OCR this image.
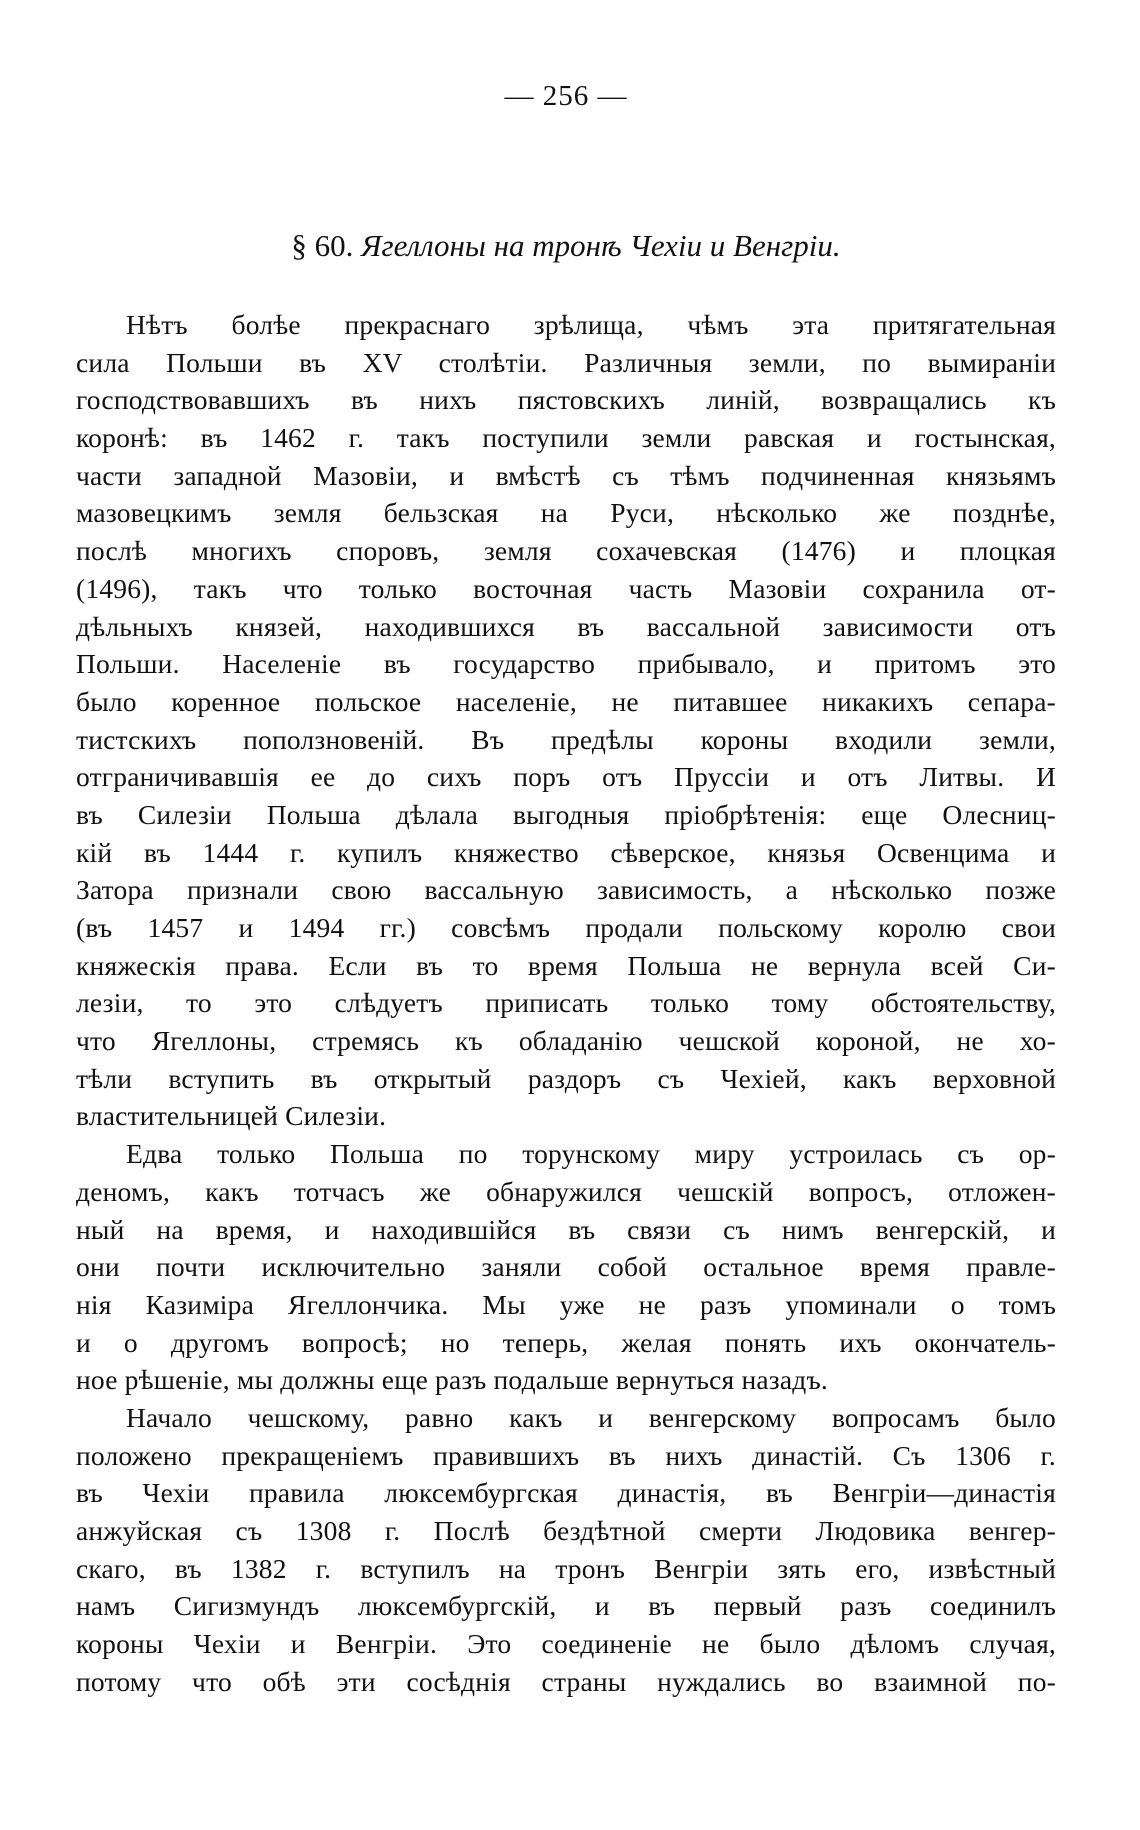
— 256 —
§ 60. Ягеллоны на тронѣ Чехіи и Венгріи.
Нѣтъ болѣе прекраснаго зрѣлища, чѣмъ эта притягательная
сила Польши въ XV столѣтіи. Различныя земли, по вымираніи
господствовавшихъ въ нихъ пястовскихъ линій, возвращались къ
коронѣ: въ 1462 г. такъ поступили земли равская и гостынская,
части западной Мазовіи, и вмѣстѣ съ тѣмъ подчиненная князьямъ
мазовецкимъ земля бельзская на Руси, нѣсколько же позднѣе,
послѣ многихъ споровъ, земля сохачевская (1476) и плоцкая
(1496), такъ что только восточная часть Мазовіи сохранила от-
дѣльныхъ князей, находившихся въ вассальной зависимости отъ
Польши. Населеніе въ государство прибывало, и притомъ это
было коренное польское населеніе, не питавшее никакихъ сепара-
тистскихъ поползновеній. Въ предѣлы короны входили земли,
отграничивавшія ее до сихъ поръ отъ Пруссіи и отъ Литвы. И
въ Силезіи Польша дѣлала выгодныя пріобрѣтенія: еще Олесниц-
кій въ 1444 г. купилъ княжество сѣверское, князья Освенцима и
Затора признали свою вассальную зависимость, а нѣсколько позже
(въ 1457 и 1494 гг.) совсѣмъ продали польскому королю свои
княжескія права. Если въ то время Польша не вернула всей Си-
лезіи, то это слѣдуетъ приписать только тому обстоятельству,
что Ягеллоны, стремясь къ обладанію чешской короной, не хо-
тѣли вступить въ открытый раздоръ съ Чехіей, какъ верховной
властительницей Силезіи.
Едва только Польша по торунскому миру устроилась съ ор-
деномъ, какъ тотчасъ же обнаружился чешскій вопросъ, отложен-
ный на время, и находившійся въ связи съ нимъ венгерскій, и
они почти исключительно заняли собой остальное время правле-
нія Казиміра Ягеллончика. Мы уже не разъ упоминали о томъ
и о другомъ вопросѣ; но теперь, желая понять ихъ окончатель-
ное рѣшеніе, мы должны еще разъ подальше вернуться назадъ.
Начало чешскому, равно какъ и венгерскому вопросамъ было
положено прекращеніемъ правившихъ въ нихъ династій. Съ 1306 г.
въ Чехіи правила люксембургская династія, въ Венгріи—династія
анжуйская съ 1308 г. Послѣ бездѣтной смерти Людовика венгер-
скаго, въ 1382 г. вступилъ на тронъ Венгріи зять его, извѣстный
намъ Сигизмундъ люксембургскій, и въ первый разъ соединилъ
короны Чехіи и Венгріи. Это соединеніе не было дѣломъ случая,
потому что обѣ эти сосѣднія страны нуждались во взаимной по-
